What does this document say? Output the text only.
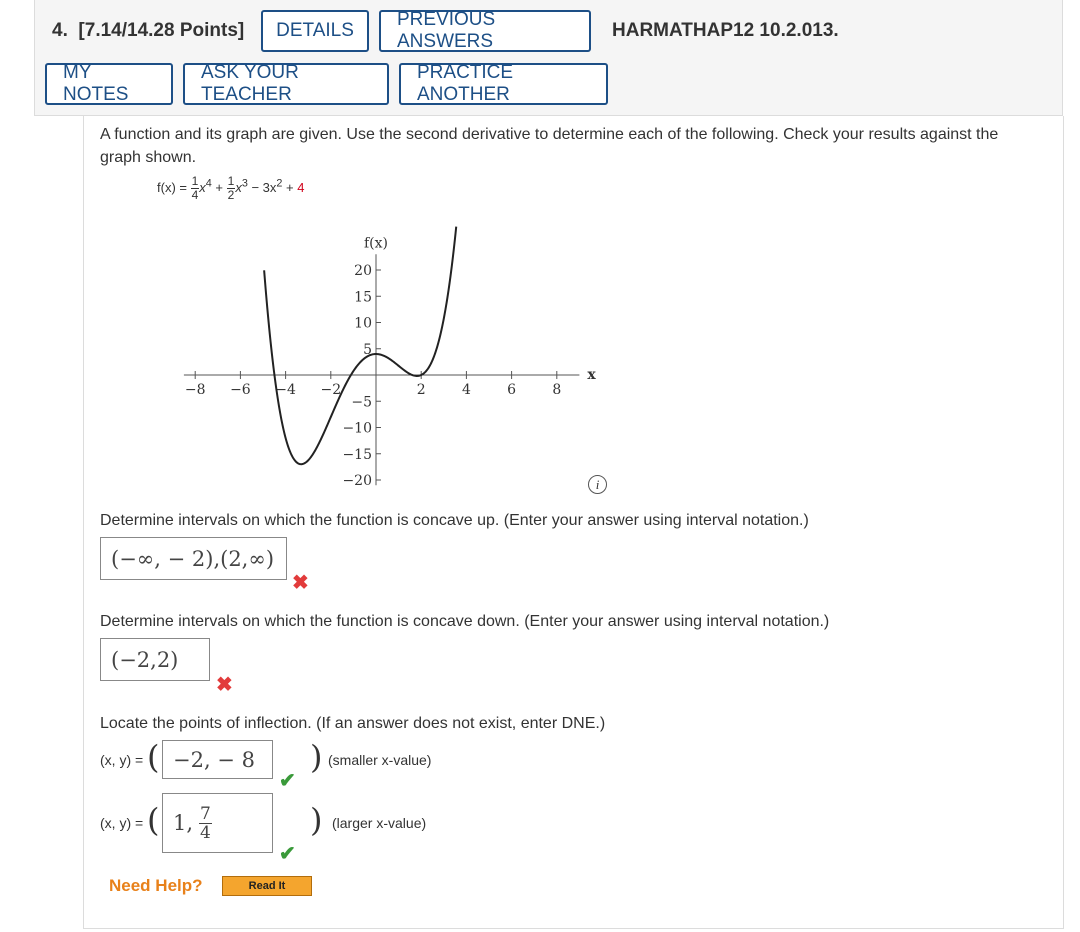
4. [7.14/14.28 Points]	DETAILS
PREVIOUS ANSWERS
HARMATHAP12 10.2.013.
MY NOTES
ASK YOUR TEACHER
PRACTICE ANOTHER
A function and its graph are given. Use the second derivative to determine each of the following. Check your results against the graph shown.
$f(x) = \frac{1}{4} x^4 + \frac{1}{2} x^3 - 3x^2 + 4$
−8 −6 −4 −2	2	4	6	8
20
15
10
5
−5
−10
−15
−20
f(x)
x
i
Determine intervals on which the function is concave up. (Enter your answer using interval notation.)
(−∞, − 2),(2,∞)
✖
Determine intervals on which the function is concave down. (Enter your answer using interval notation.)
(−2,2)
✖
Locate the points of inflection. (If an answer does not exist, enter DNE.)
(x, y) = ( −2, − 8
✔
) (smaller x-value)
(x, y) = ( 1, $\frac{7}{4}$
✔
) (larger x-value)
Need Help?	Read It
